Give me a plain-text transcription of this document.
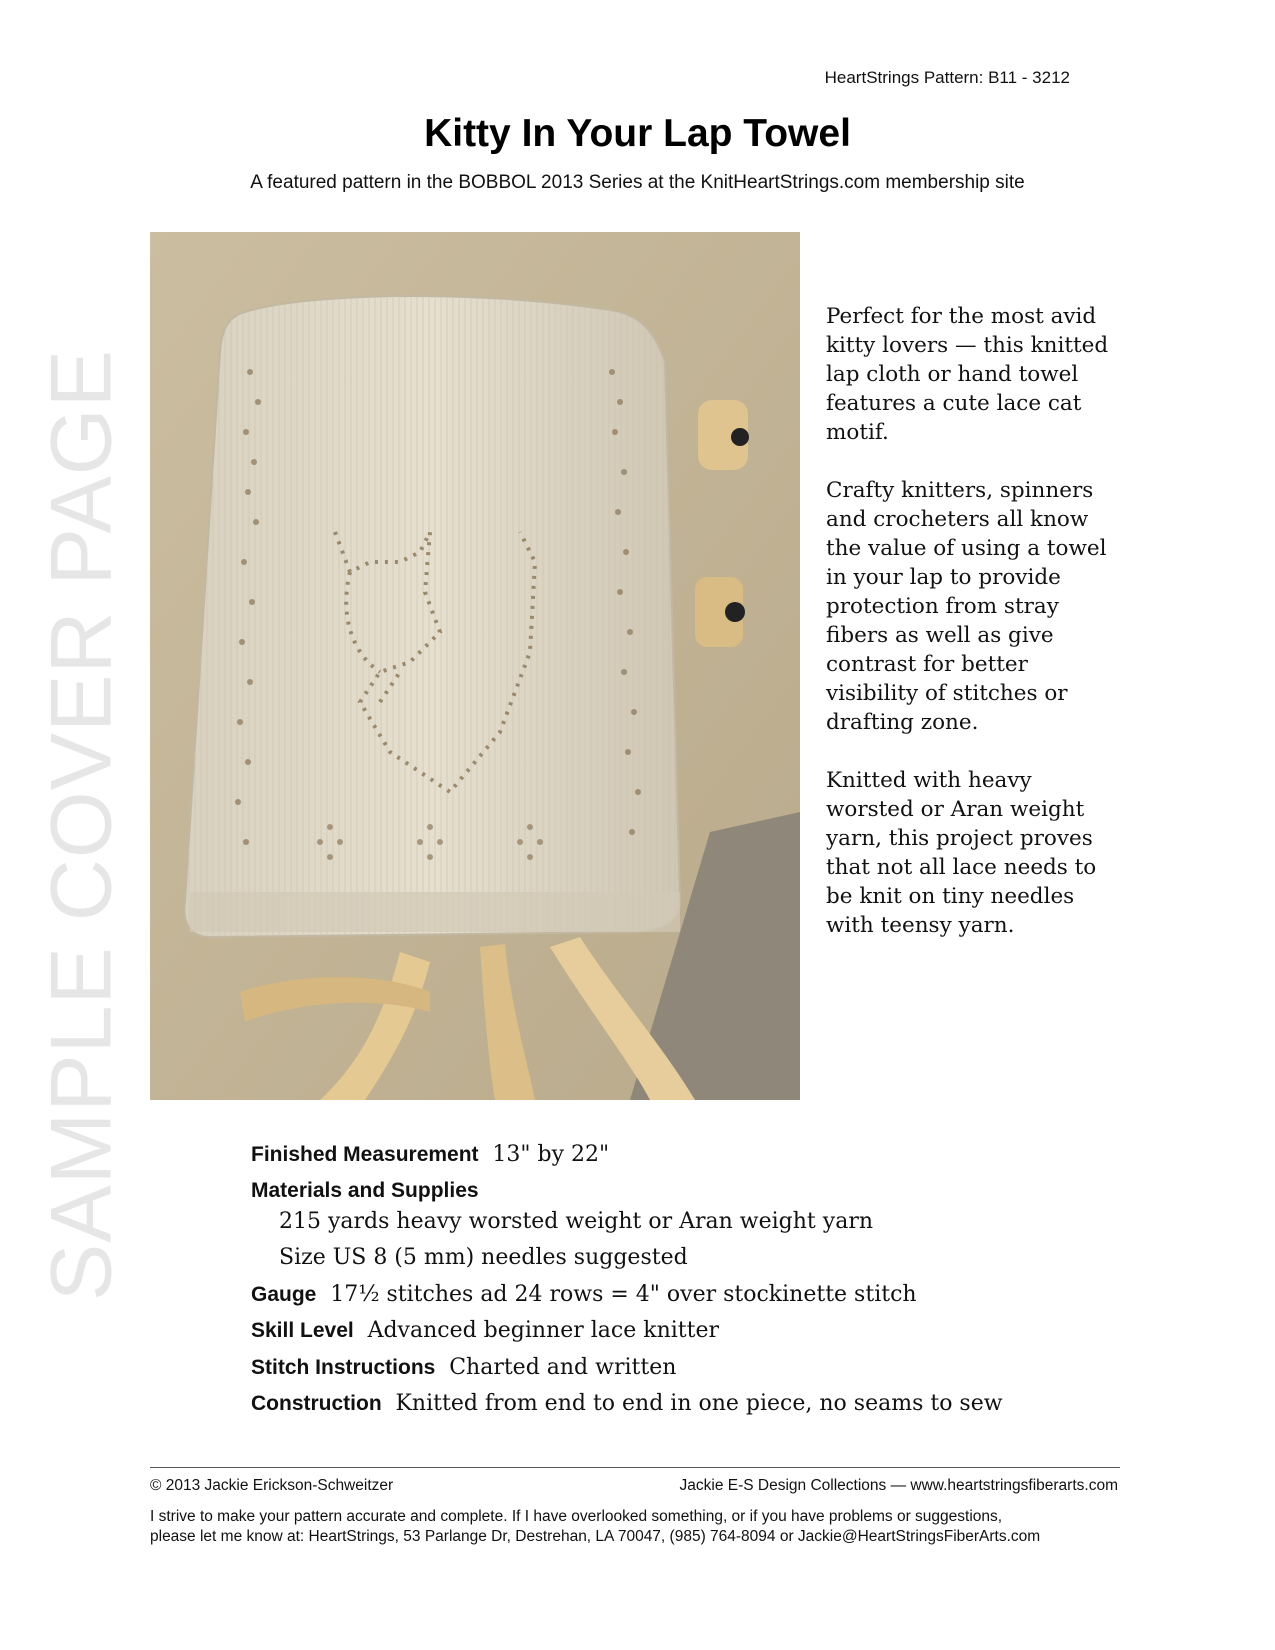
SAMPLE COVER PAGE
HeartStrings Pattern: B11 - 3212
Kitty In Your Lap Towel
A featured pattern in the BOBBOL 2013 Series at the KnitHeartStrings.com membership site

Perfect for the most avid kitty lovers — this knitted lap cloth or hand towel features a cute lace cat motif.

Crafty knitters, spinners and crocheters all know the value of using a towel in your lap to provide protection from stray fibers as well as give contrast for better visibility of stitches or drafting zone.

Knitted with heavy worsted or Aran weight yarn, this project proves that not all lace needs to be knit on tiny needles with teensy yarn.

Finished Measurement 13" by 22"
Materials and Supplies
215 yards heavy worsted weight or Aran weight yarn
Size US 8 (5 mm) needles suggested
Gauge 17½ stitches ad 24 rows = 4" over stockinette stitch
Skill Level Advanced beginner lace knitter
Stitch Instructions Charted and written
Construction Knitted from end to end in one piece, no seams to sew
© 2013 Jackie Erickson-Schweitzer	Jackie E-S Design Collections — www.heartstringsfiberarts.com
I strive to make your pattern accurate and complete. If I have overlooked something, or if you have problems or suggestions,
please let me know at: HeartStrings, 53 Parlange Dr, Destrehan, LA 70047, (985) 764-8094 or Jackie@HeartStringsFiberArts.com
